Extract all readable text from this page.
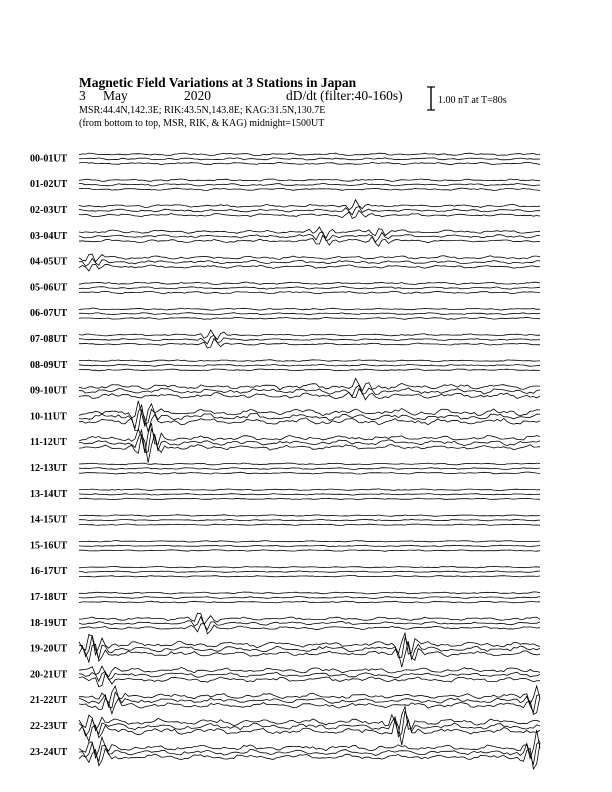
Magnetic Field Variations at 3 Stations in Japan
3 May	2020	dD/dt (filter:40-160s)
MSR:44.4N,142.3E; RIK:43.5N,143.8E; KAG:31.5N,130.7E
(from bottom to top, MSR, RIK, & KAG) midnight=1500UT
1.00 nT at T=80s
00-01UT
01-02UT
02-03UT
03-04UT
04-05UT
05-06UT
06-07UT
07-08UT
08-09UT
09-10UT
10-11UT
11-12UT
12-13UT
13-14UT
14-15UT
15-16UT
16-17UT
17-18UT
18-19UT
19-20UT
20-21UT
21-22UT
22-23UT
23-24UT
